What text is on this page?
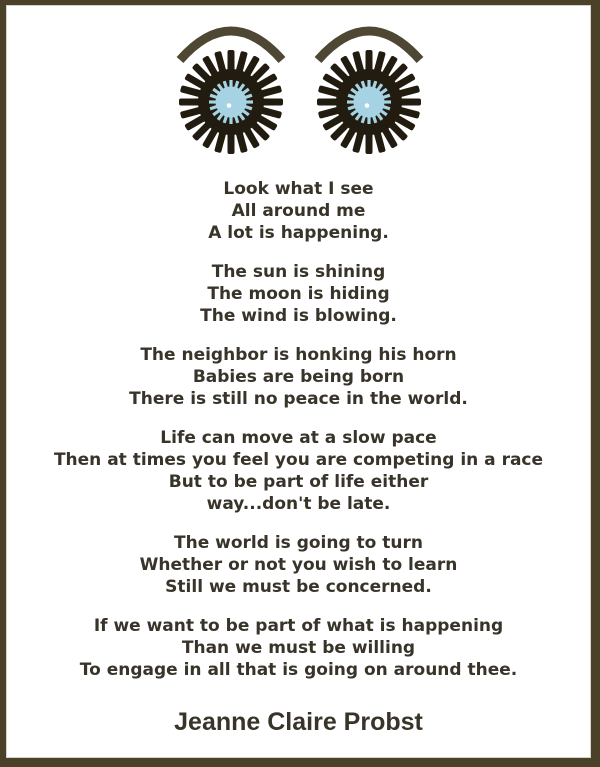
Look what I see
All around me
A lot is happening.

The sun is shining
The moon is hiding
The wind is blowing.

The neighbor is honking his horn
Babies are being born
There is still no peace in the world.

Life can move at a slow pace
Then at times you feel you are competing in a race
But to be part of life either
way...don't be late.

The world is going to turn
Whether or not you wish to learn
Still we must be concerned.

If we want to be part of what is happening
Than we must be willing
To engage in all that is going on around thee.

Jeanne Claire Probst
